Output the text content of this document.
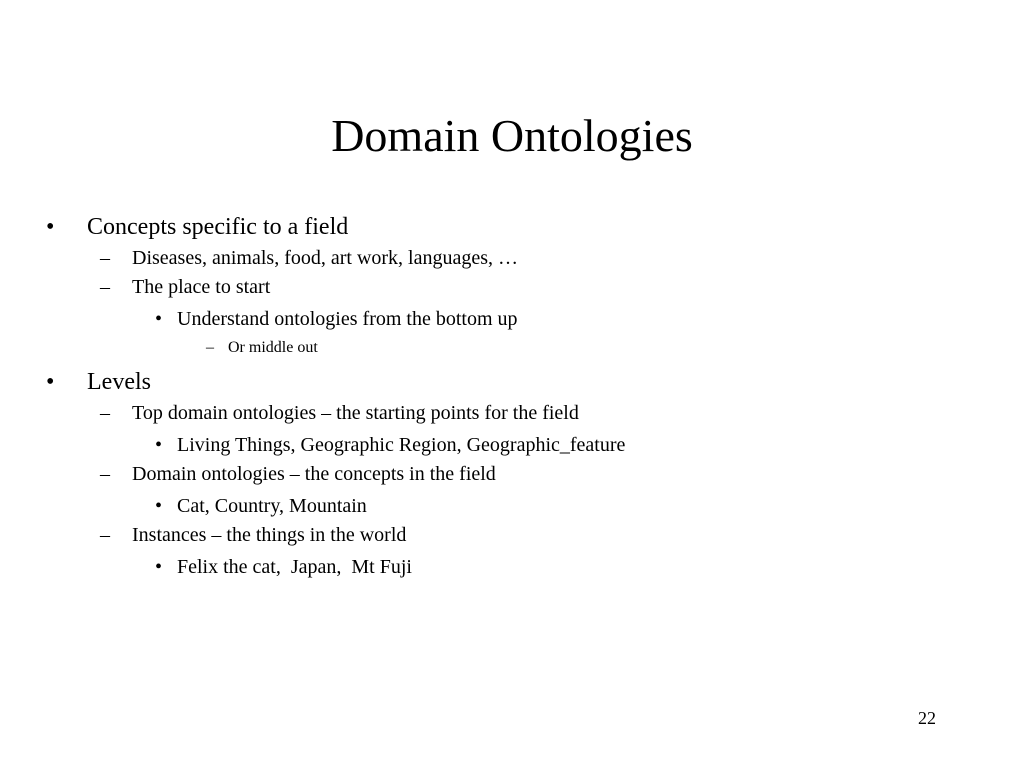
Domain Ontologies
• Concepts specific to a field
– Diseases, animals, food, art work, languages, …
– The place to start
• Understand ontologies from the bottom up
– Or middle out
• Levels
– Top domain ontologies – the starting points for the field
• Living Things, Geographic Region, Geographic_feature
– Domain ontologies – the concepts in the field
• Cat, Country, Mountain
– Instances – the things in the world
• Felix the cat,  Japan,  Mt Fuji
22
